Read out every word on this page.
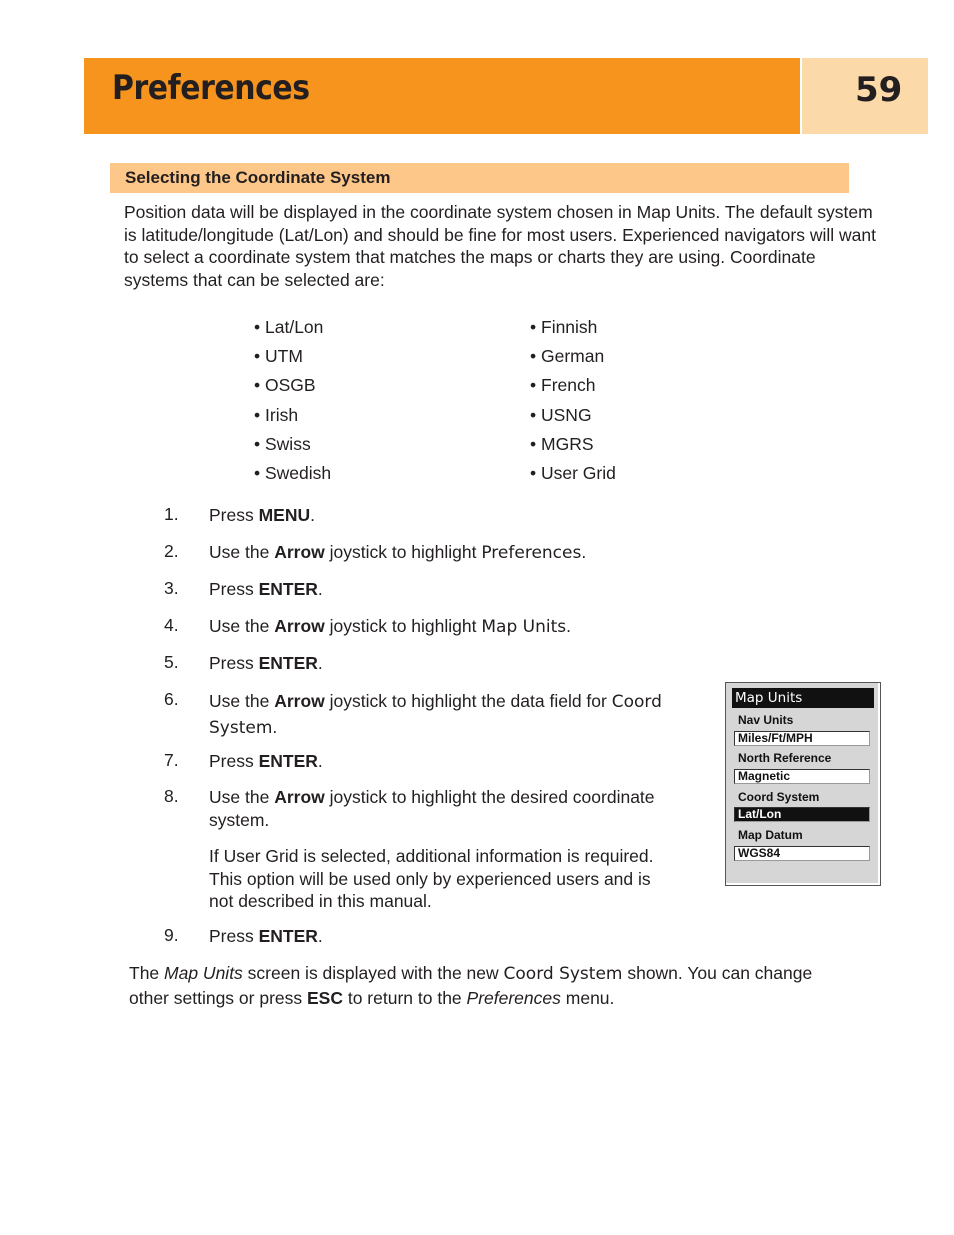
Preferences	59
Selecting the Coordinate System

Position data will be displayed in the coordinate system chosen in Map Units. The default system is latitude/longitude (Lat/Lon) and should be fine for most users. Experienced navigators will want to select a coordinate system that matches the maps or charts they are using. Coordinate systems that can be selected are:

• Lat/Lon
• UTM
• OSGB
• Irish
• Swiss
• Swedish
• Finnish
• German
• French
• USNG
• MGRS
• User Grid
1. Press MENU.
2. Use the Arrow joystick to highlight Preferences.
3. Press ENTER.
4. Use the Arrow joystick to highlight Map Units.
5. Press ENTER.
6. Use the Arrow joystick to highlight the data field for Coord
System.
7. Press ENTER.
8. Use the Arrow joystick to highlight the desired coordinate
system.
If User Grid is selected, additional information is required.
This option will be used only by experienced users and is
not described in this manual.
9. Press ENTER.
Map Units
Nav Units
Miles/Ft/MPH
North Reference
Magnetic
Coord System
Lat/Lon
Map Datum
WGS84

The Map Units screen is displayed with the new Coord System shown. You can change
other settings or press ESC to return to the Preferences menu.
